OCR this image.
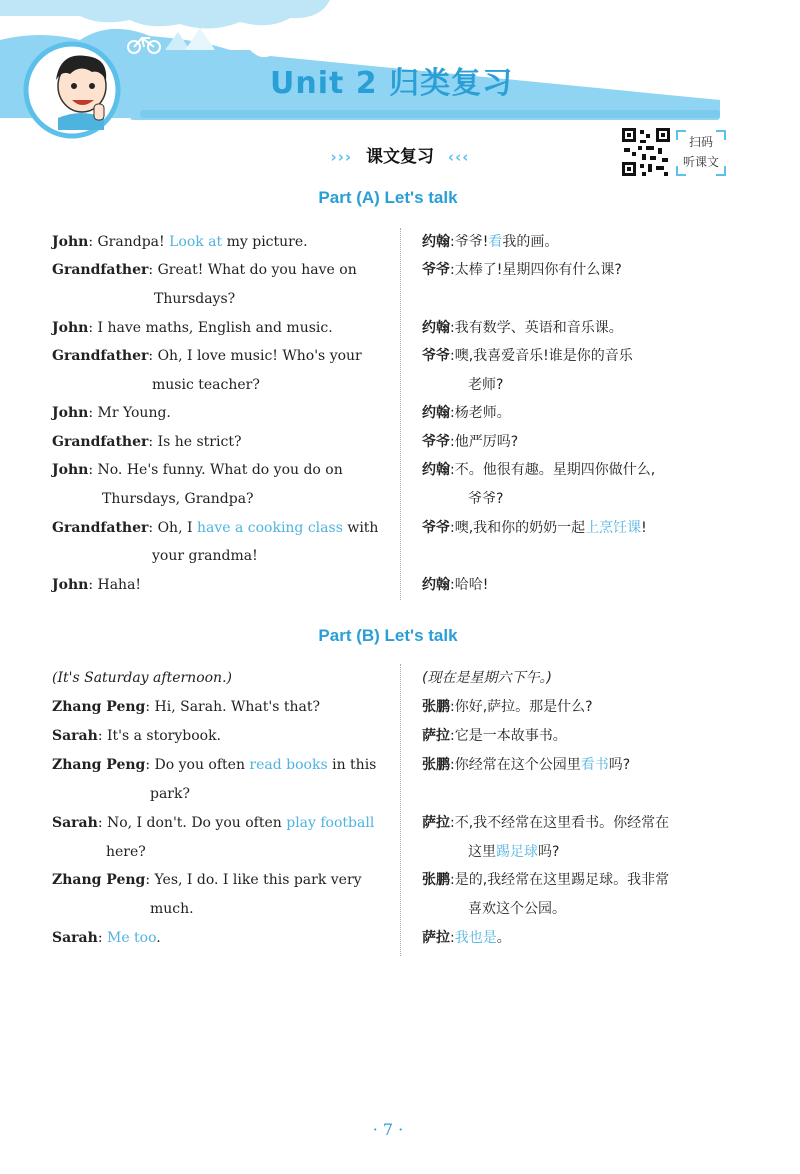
Unit 2 归类复习
››› 课文复习 ‹‹‹
扫码
听课文
Part (A) Let's talk
John: Grandpa! Look at my picture.
Grandfather: Great! What do you have on
Thursdays?
John: I have maths, English and music.
Grandfather: Oh, I love music! Who's your
music teacher?
John: Mr Young.
Grandfather: Is he strict?
John: No. He's funny. What do you do on
Thursdays, Grandpa?
Grandfather: Oh, I have a cooking class with
your grandma!
John: Haha!
约翰:爷爷!看我的画。
爷爷:太棒了!星期四你有什么课?
约翰:我有数学、英语和音乐课。
爷爷:噢,我喜爱音乐!谁是你的音乐
老师?
约翰:杨老师。
爷爷:他严厉吗?
约翰:不。他很有趣。星期四你做什么,
爷爷?
爷爷:噢,我和你的奶奶一起上烹饪课!
约翰:哈哈!
Part (B) Let's talk
(It's Saturday afternoon.)	(现在是星期六下午。)
Zhang Peng: Hi, Sarah. What's that?
Sarah: It's a storybook.
Zhang Peng: Do you often read books in this
park?
Sarah: No, I don't. Do you often play football
here?
Zhang Peng: Yes, I do. I like this park very
much.
Sarah: Me too.
张鹏:你好,萨拉。那是什么?
萨拉:它是一本故事书。
张鹏:你经常在这个公园里看书吗?
萨拉:不,我不经常在这里看书。你经常在
这里踢足球吗?
张鹏:是的,我经常在这里踢足球。我非常
喜欢这个公园。
萨拉:我也是。
· 7 ·
